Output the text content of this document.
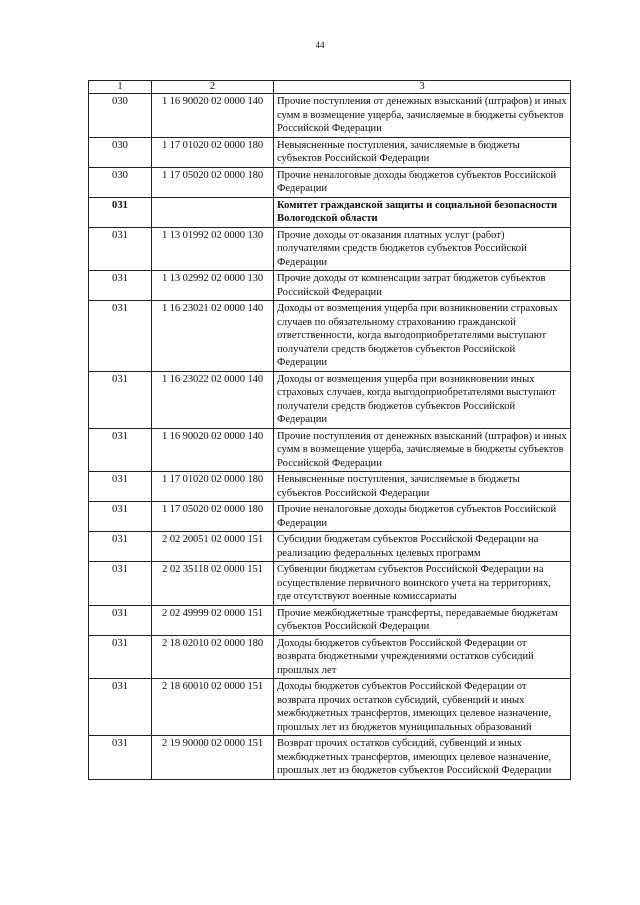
44
1	2	3
030	1 16 90020 02 0000 140	Прочие поступления от денежных взысканий (штрафов) и иных сумм в возмещение ущерба, зачисляемые в бюджеты субъектов Российской Федерации
030	1 17 01020 02 0000 180	Невыясненные поступления, зачисляемые в бюджеты субъектов Российской Федерации
030	1 17 05020 02 0000 180	Прочие неналоговые доходы бюджетов субъектов Российской Федерации
031		Комитет гражданской защиты и социальной безопасности Вологодской области
031	1 13 01992 02 0000 130	Прочие доходы от оказания платных услуг (работ) получателями средств бюджетов субъектов Российской Федерации
031	1 13 02992 02 0000 130	Прочие доходы от компенсации затрат бюджетов субъектов Российской Федерации
031	1 16 23021 02 0000 140	Доходы от возмещения ущерба при возникновении страховых случаев по обязательному страхованию гражданской ответственности, когда выгодоприобретателями выступают получатели средств бюджетов субъектов Российской Федерации
031	1 16 23022 02 0000 140	Доходы от возмещения ущерба при возникновении иных страховых случаев, когда выгодоприобретателями выступают получатели средств бюджетов субъектов Российской Федерации
031	1 16 90020 02 0000 140	Прочие поступления от денежных взысканий (штрафов) и иных сумм в возмещение ущерба, зачисляемые в бюджеты субъектов Российской Федерации
031	1 17 01020 02 0000 180	Невыясненные поступления, зачисляемые в бюджеты субъектов Российской Федерации
031	1 17 05020 02 0000 180	Прочие неналоговые доходы бюджетов субъектов Российской Федерации
031	2 02 20051 02 0000 151	Субсидии бюджетам субъектов Российской Федерации на реализацию федеральных целевых программ
031	2 02 35118 02 0000 151	Субвенции бюджетам субъектов Российской Федерации на осуществление первичного воинского учета на территориях, где отсутствуют военные комиссариаты
031	2 02 49999 02 0000 151	Прочие межбюджетные трансферты, передаваемые бюджетам субъектов Российской Федерации
031	2 18 02010 02 0000 180	Доходы бюджетов субъектов Российской Федерации от возврата бюджетными учреждениями остатков субсидий прошлых лет
031	2 18 60010 02 0000 151	Доходы бюджетов субъектов Российской Федерации от возврата прочих остатков субсидий, субвенций и иных межбюджетных трансфертов, имеющих целевое назначение, прошлых лет из бюджетов муниципальных образований
031	2 19 90000 02 0000 151	Возврат прочих остатков субсидий, субвенций и иных межбюджетных трансфертов, имеющих целевое назначение, прошлых лет из бюджетов субъектов Российской Федерации
